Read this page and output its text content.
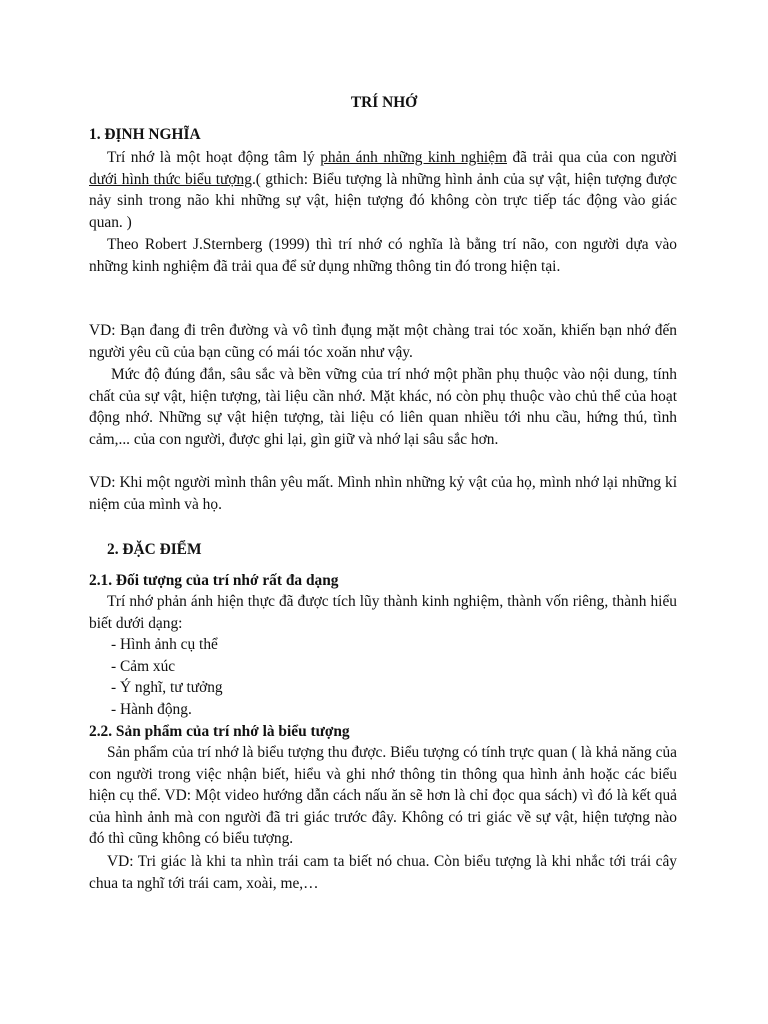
TRÍ NHỚ
1. ĐỊNH NGHĨA
Trí nhớ là một hoạt động tâm lý phản ánh những kinh nghiệm đã trải qua của con người dưới hình thức biểu tượng.( gthich: Biểu tượng là những hình ảnh của sự vật, hiện tượng được nảy sinh trong não khi những sự vật, hiện tượng đó không còn trực tiếp tác động vào giác quan. )
Theo Robert J.Sternberg (1999) thì trí nhớ có nghĩa là bằng trí não, con người dựa vào những kinh nghiệm đã trải qua để sử dụng những thông tin đó trong hiện tại.
VD: Bạn đang đi trên đường và vô tình đụng mặt một chàng trai tóc xoăn, khiến bạn nhớ đến người yêu cũ của bạn cũng có mái tóc xoăn như vậy.
Mức độ đúng đắn, sâu sắc và bền vững của trí nhớ một phần phụ thuộc vào nội dung, tính chất của sự vật, hiện tượng, tài liệu cần nhớ. Mặt khác, nó còn phụ thuộc vào chủ thể của hoạt động nhớ. Những sự vật hiện tượng, tài liệu có liên quan nhiều tới nhu cầu, hứng thú, tình cảm,... của con người, được ghi lại, gìn giữ và nhớ lại sâu sắc hơn.
VD: Khi một người mình thân yêu mất. Mình nhìn những kỷ vật của họ, mình nhớ lại những kỉ niệm của mình và họ.
2. ĐẶC ĐIỂM
2.1. Đối tượng của trí nhớ rất đa dạng
Trí nhớ phản ánh hiện thực đã được tích lũy thành kinh nghiệm, thành vốn riêng, thành hiểu biết dưới dạng:
- Hình ảnh cụ thể
- Cảm xúc
- Ý nghĩ, tư tưởng
- Hành động.
2.2. Sản phẩm của trí nhớ là biểu tượng
Sản phẩm của trí nhớ là biểu tượng thu được. Biểu tượng có tính trực quan ( là khả năng của con người trong việc nhận biết, hiểu và ghi nhớ thông tin thông qua hình ảnh hoặc các biểu hiện cụ thể. VD: Một video hướng dẫn cách nấu ăn sẽ hơn là chỉ đọc qua sách) vì đó là kết quả của hình ảnh mà con người đã tri giác trước đây. Không có tri giác về sự vật, hiện tượng nào đó thì cũng không có biểu tượng.
VD: Tri giác là khi ta nhìn trái cam ta biết nó chua. Còn biểu tượng là khi nhắc tới trái cây chua ta nghĩ tới trái cam, xoài, me,…
